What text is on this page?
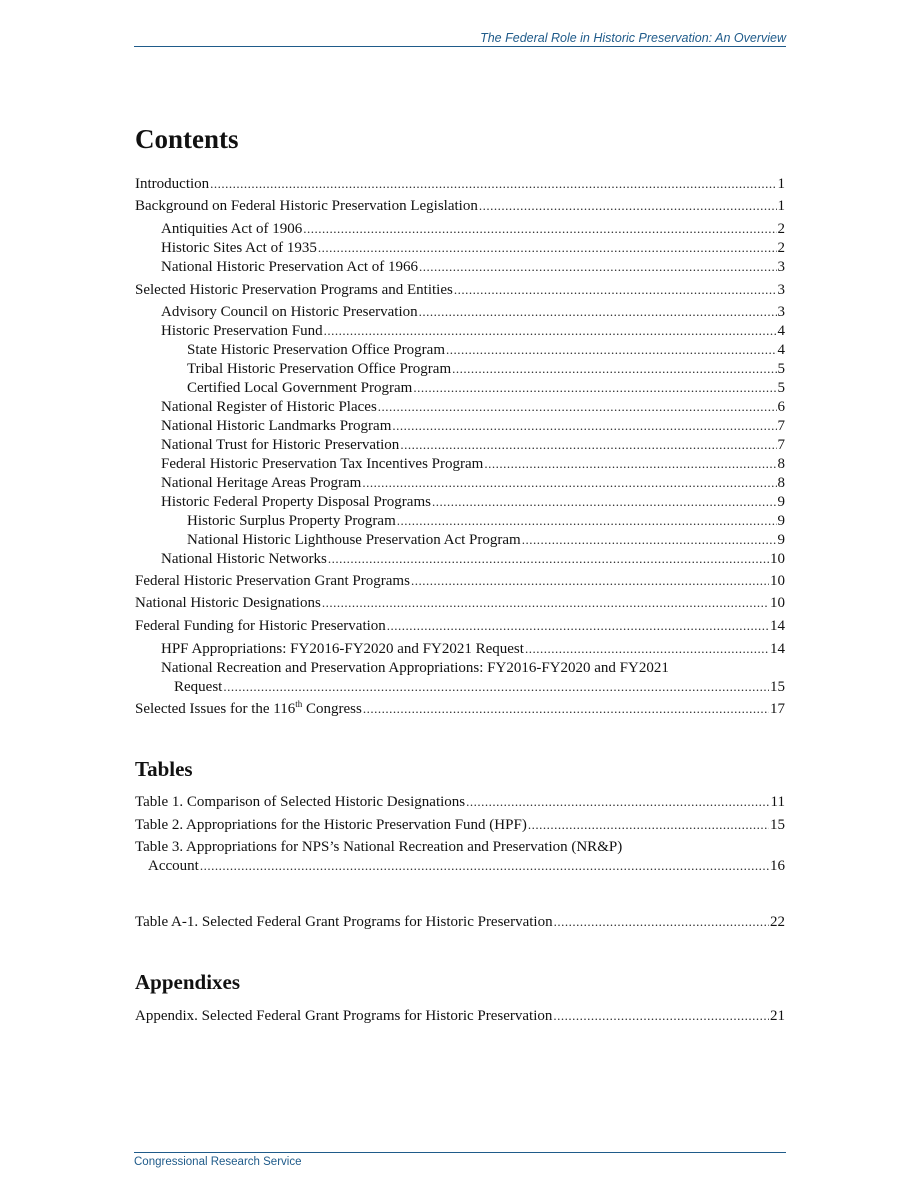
The Federal Role in Historic Preservation: An Overview
Contents
Introduction .....	1
Background on Federal Historic Preservation Legislation .....	1
Antiquities Act of 1906 .....	2
Historic Sites Act of 1935 .....	2
National Historic Preservation Act of 1966 .....	3
Selected Historic Preservation Programs and Entities .....	3
Advisory Council on Historic Preservation .....	3
Historic Preservation Fund .....	4
State Historic Preservation Office Program .....	4
Tribal Historic Preservation Office Program .....	5
Certified Local Government Program .....	5
National Register of Historic Places .....	6
National Historic Landmarks Program .....	7
National Trust for Historic Preservation .....	7
Federal Historic Preservation Tax Incentives Program .....	8
National Heritage Areas Program .....	8
Historic Federal Property Disposal Programs .....	9
Historic Surplus Property Program .....	9
National Historic Lighthouse Preservation Act Program .....	9
National Historic Networks .....	10
Federal Historic Preservation Grant Programs .....	10
National Historic Designations .....	10
Federal Funding for Historic Preservation .....	14
HPF Appropriations: FY2016-FY2020 and FY2021 Request .....	14
National Recreation and Preservation Appropriations: FY2016-FY2020 and FY2021
Request .....	15
Selected Issues for the 116th Congress .....	17
Tables
Table 1. Comparison of Selected Historic Designations .....	11
Table 2. Appropriations for the Historic Preservation Fund (HPF) .....	15
Table 3. Appropriations for NPS’s National Recreation and Preservation (NR&P)
Account .....	16
Table A-1. Selected Federal Grant Programs for Historic Preservation .....	22
Appendixes
Appendix. Selected Federal Grant Programs for Historic Preservation .....	21
Congressional Research Service
